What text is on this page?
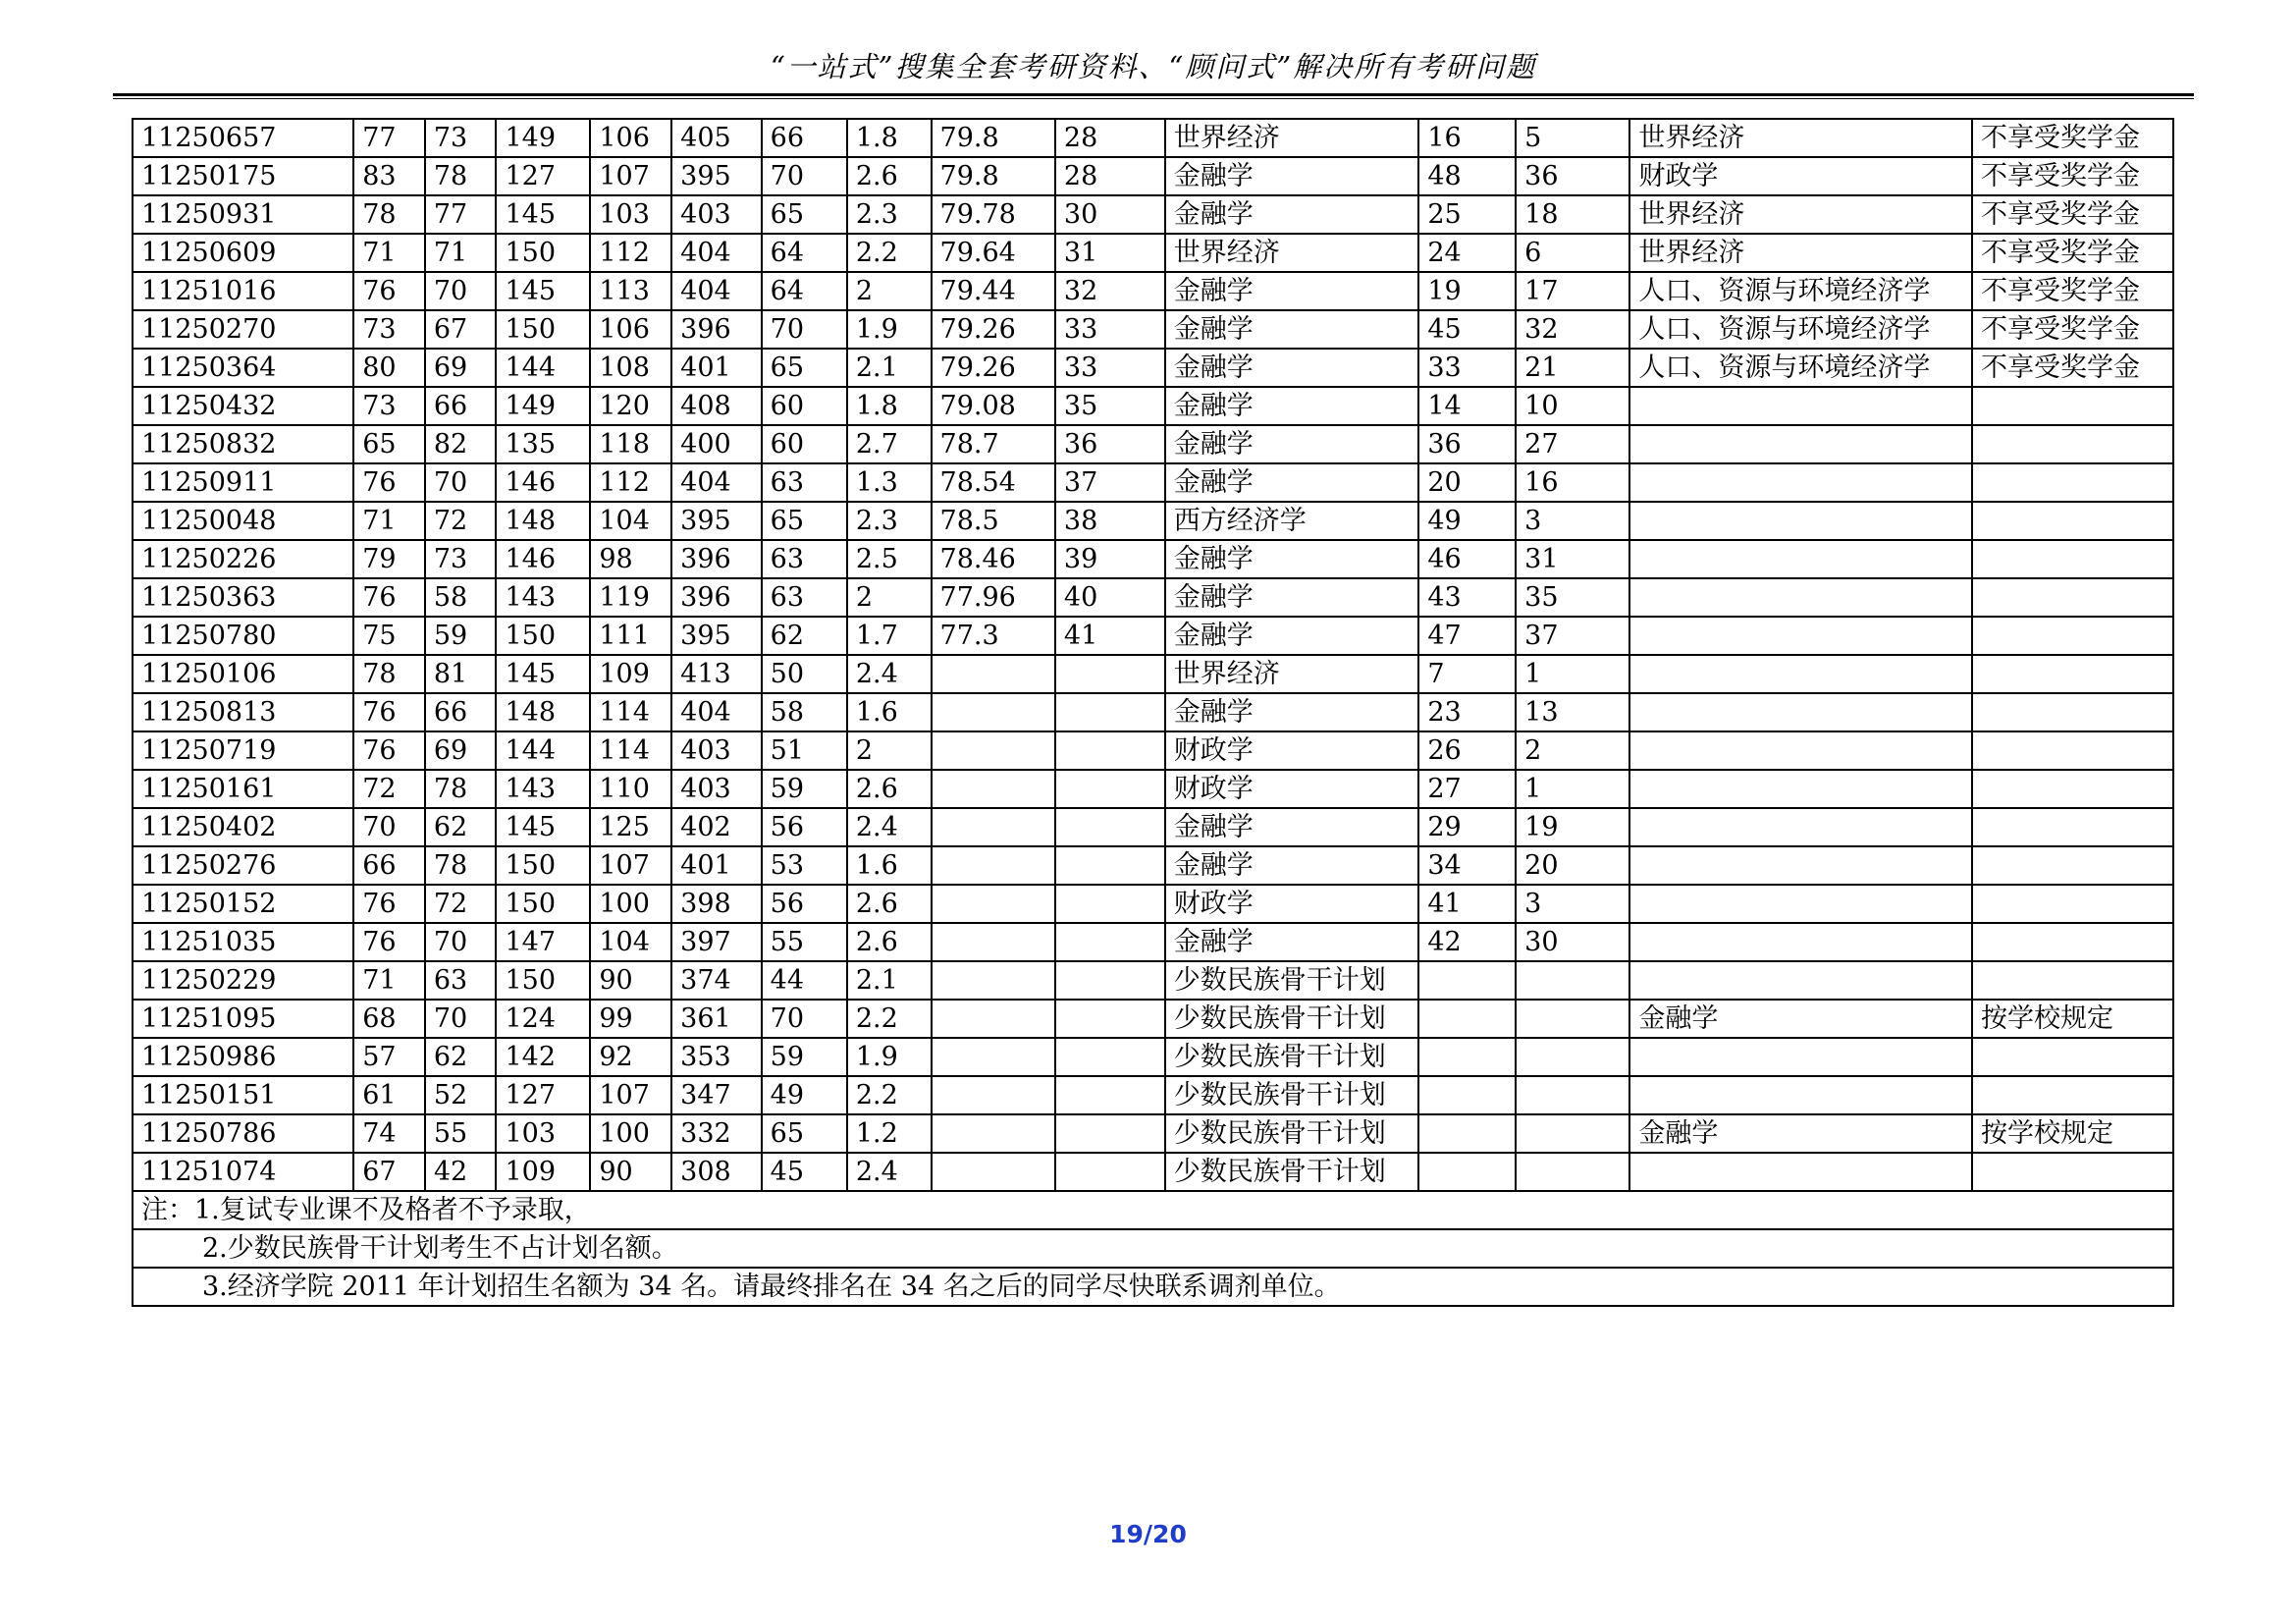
“一站式”搜集全套考研资料、“顾问式”解决所有考研问题
11250657	77	73	149	106	405	66	1.8	79.8	28	世界经济	16	5	世界经济	不享受奖学金
11250175	83	78	127	107	395	70	2.6	79.8	28	金融学	48	36	财政学	不享受奖学金
11250931	78	77	145	103	403	65	2.3	79.78	30	金融学	25	18	世界经济	不享受奖学金
11250609	71	71	150	112	404	64	2.2	79.64	31	世界经济	24	6	世界经济	不享受奖学金
11251016	76	70	145	113	404	64	2	79.44	32	金融学	19	17	人口、资源与环境经济学	不享受奖学金
11250270	73	67	150	106	396	70	1.9	79.26	33	金融学	45	32	人口、资源与环境经济学	不享受奖学金
11250364	80	69	144	108	401	65	2.1	79.26	33	金融学	33	21	人口、资源与环境经济学	不享受奖学金
11250432	73	66	149	120	408	60	1.8	79.08	35	金融学	14	10		
11250832	65	82	135	118	400	60	2.7	78.7	36	金融学	36	27		
11250911	76	70	146	112	404	63	1.3	78.54	37	金融学	20	16		
11250048	71	72	148	104	395	65	2.3	78.5	38	西方经济学	49	3		
11250226	79	73	146	98	396	63	2.5	78.46	39	金融学	46	31		
11250363	76	58	143	119	396	63	2	77.96	40	金融学	43	35		
11250780	75	59	150	111	395	62	1.7	77.3	41	金融学	47	37		
11250106	78	81	145	109	413	50	2.4			世界经济	7	1		
11250813	76	66	148	114	404	58	1.6			金融学	23	13		
11250719	76	69	144	114	403	51	2			财政学	26	2		
11250161	72	78	143	110	403	59	2.6			财政学	27	1		
11250402	70	62	145	125	402	56	2.4			金融学	29	19		
11250276	66	78	150	107	401	53	1.6			金融学	34	20		
11250152	76	72	150	100	398	56	2.6			财政学	41	3		
11251035	76	70	147	104	397	55	2.6			金融学	42	30		
11250229	71	63	150	90	374	44	2.1			少数民族骨干计划				
11251095	68	70	124	99	361	70	2.2			少数民族骨干计划			金融学	按学校规定
11250986	57	62	142	92	353	59	1.9			少数民族骨干计划				
11250151	61	52	127	107	347	49	2.2			少数民族骨干计划				
11250786	74	55	103	100	332	65	1.2			少数民族骨干计划			金融学	按学校规定
11251074	67	42	109	90	308	45	2.4			少数民族骨干计划				
注：1.复试专业课不及格者不予录取，														
2.少数民族骨干计划考生不占计划名额。														
3.经济学院 2011 年计划招生名额为 34 名。请最终排名在 34 名之后的同学尽快联系调剂单位。														
19/20
